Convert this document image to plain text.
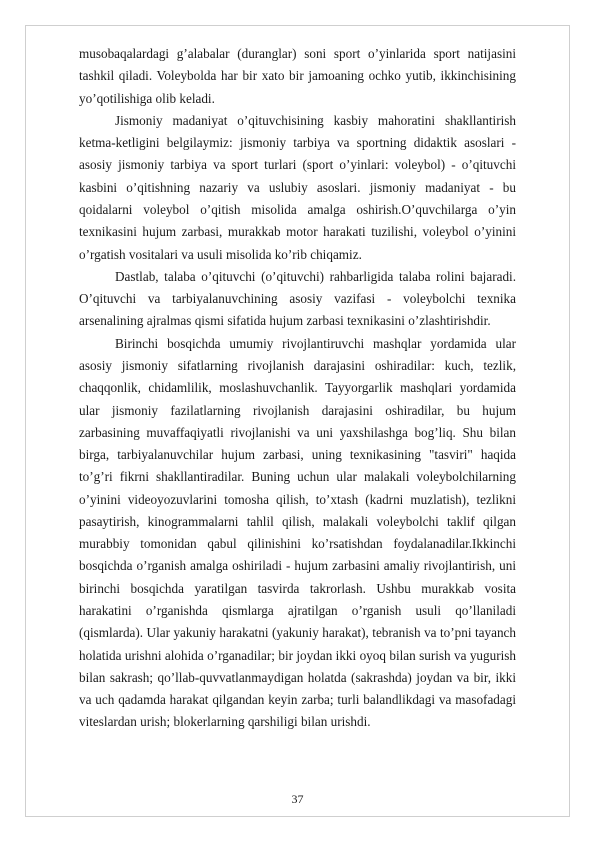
musobaqalardagi g’alabalar (duranglar) soni sport o’yinlarida sport natijasini tashkil qiladi. Voleybolda har bir xato bir jamoaning ochko yutib, ikkinchisining yo’qotilishiga olib keladi.

Jismoniy madaniyat o’qituvchisining kasbiy mahoratini shakllantirish ketma-ketligini belgilaymiz: jismoniy tarbiya va sportning didaktik asoslari - asosiy jismoniy tarbiya va sport turlari (sport o’yinlari: voleybol) - o’qituvchi kasbini o’qitishning nazariy va uslubiy asoslari. jismoniy madaniyat - bu qoidalarni voleybol o’qitish misolida amalga oshirish.O’quvchilarga o’yin texnikasini hujum zarbasi, murakkab motor harakati tuzilishi, voleybol o’yinini o’rgatish vositalari va usuli misolida ko’rib chiqamiz.

Dastlab, talaba o’qituvchi (o’qituvchi) rahbarligida talaba rolini bajaradi. O’qituvchi va tarbiyalanuvchining asosiy vazifasi - voleybolchi texnika arsenalining ajralmas qismi sifatida hujum zarbasi texnikasini o’zlashtirishdir.

Birinchi bosqichda umumiy rivojlantiruvchi mashqlar yordamida ular asosiy jismoniy sifatlarning rivojlanish darajasini oshiradilar: kuch, tezlik, chaqqonlik, chidamlilik, moslashuvchanlik. Tayyorgarlik mashqlari yordamida ular jismoniy fazilatlarning rivojlanish darajasini oshiradilar, bu hujum zarbasining muvaffaqiyatli rivojlanishi va uni yaxshilashga bog’liq. Shu bilan birga, tarbiyalanuvchilar hujum zarbasi, uning texnikasining "tasviri" haqida to’g’ri fikrni shakllantiradilar. Buning uchun ular malakali voleybolchilarning o’yinini videoyozuvlarini tomosha qilish, to’xtash (kadrni muzlatish), tezlikni pasaytirish, kinogrammalarni tahlil qilish, malakali voleybolchi taklif qilgan murabbiy tomonidan qabul qilinishini ko’rsatishdan foydalanadilar.Ikkinchi bosqichda o’rganish amalga oshiriladi - hujum zarbasini amaliy rivojlantirish, uni birinchi bosqichda yaratilgan tasvirda takrorlash. Ushbu murakkab vosita harakatini o’rganishda qismlarga ajratilgan o’rganish usuli qo’llaniladi (qismlarda). Ular yakuniy harakatni (yakuniy harakat), tebranish va to’pni tayanch holatida urishni alohida o’rganadilar; bir joydan ikki oyoq bilan surish va yugurish bilan sakrash; qo’llab-quvvatlanmaydigan holatda (sakrashda) joydan va bir, ikki va uch qadamda harakat qilgandan keyin zarba; turli balandlikdagi va masofadagi viteslardan urish; blokerlarning qarshiligi bilan urishdi.

37
